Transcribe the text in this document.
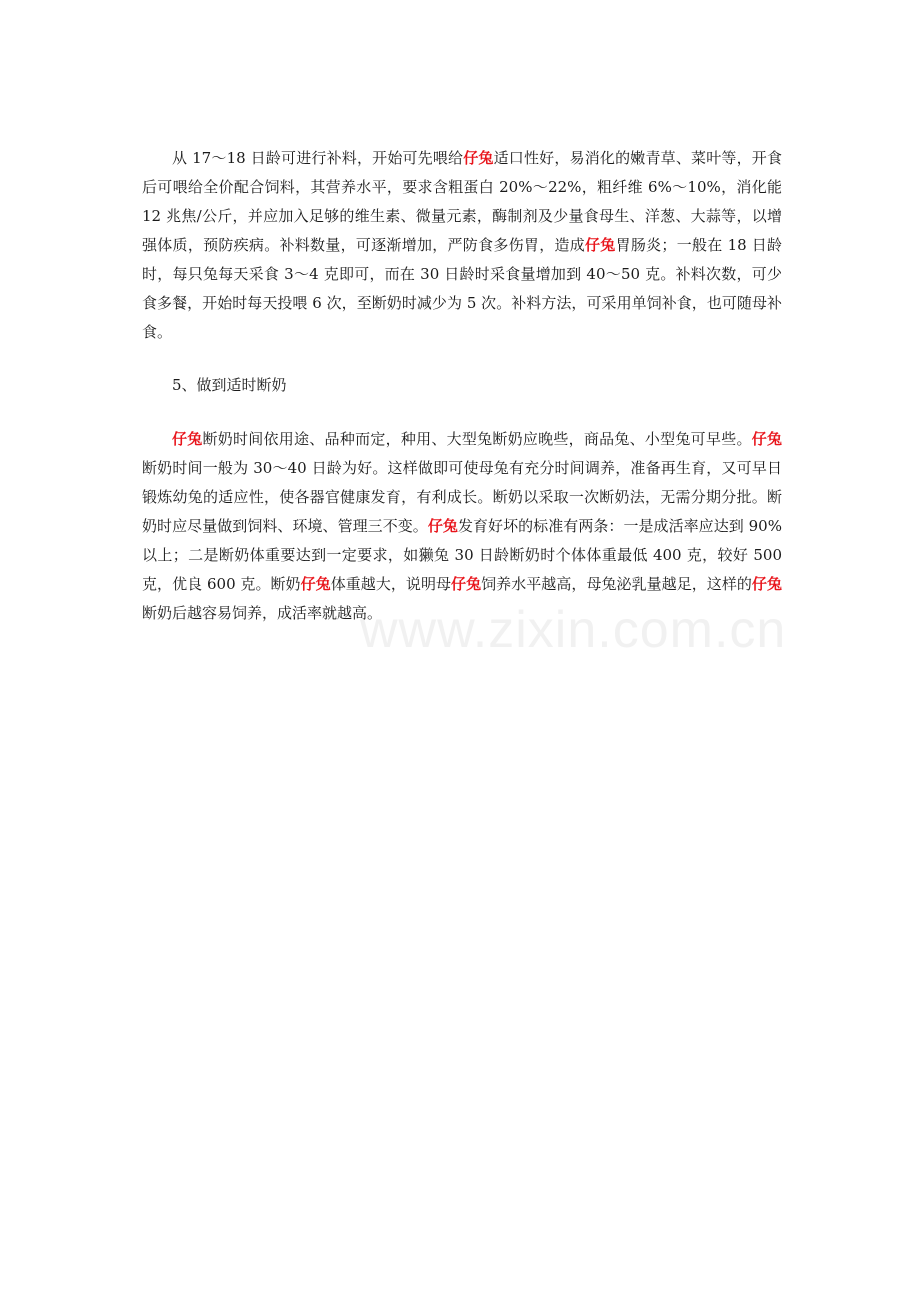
从 17～18 日龄可进行补料，开始可先喂给仔兔适口性好，易消化的嫩青草、菜叶等，开食后可喂给全价配合饲料，其营养水平，要求含粗蛋白 20%～22%，粗纤维 6%～10%，消化能 12 兆焦/公斤，并应加入足够的维生素、微量元素，酶制剂及少量食母生、洋葱、大蒜等，以增强体质，预防疾病。补料数量，可逐渐增加，严防食多伤胃，造成仔兔胃肠炎；一般在 18 日龄时，每只兔每天采食 3～4 克即可，而在 30 日龄时采食量增加到 40～50 克。补料次数，可少食多餐，开始时每天投喂 6 次，至断奶时减少为 5 次。补料方法，可采用单饲补食，也可随母补食。

5、做到适时断奶

仔兔断奶时间依用途、品种而定，种用、大型兔断奶应晚些，商品兔、小型兔可早些。仔兔断奶时间一般为 30～40 日龄为好。这样做即可使母兔有充分时间调养，准备再生育，又可早日锻炼幼兔的适应性，使各器官健康发育，有利成长。断奶以采取一次断奶法，无需分期分批。断奶时应尽量做到饲料、环境、管理三不变。仔兔发育好坏的标准有两条：一是成活率应达到 90%以上；二是断奶体重要达到一定要求，如獭兔 30 日龄断奶时个体体重最低 400 克，较好 500 克，优良 600 克。断奶仔兔体重越大，说明母仔兔饲养水平越高，母兔泌乳量越足，这样的仔兔断奶后越容易饲养，成活率就越高。

www.zixin.com.cn
